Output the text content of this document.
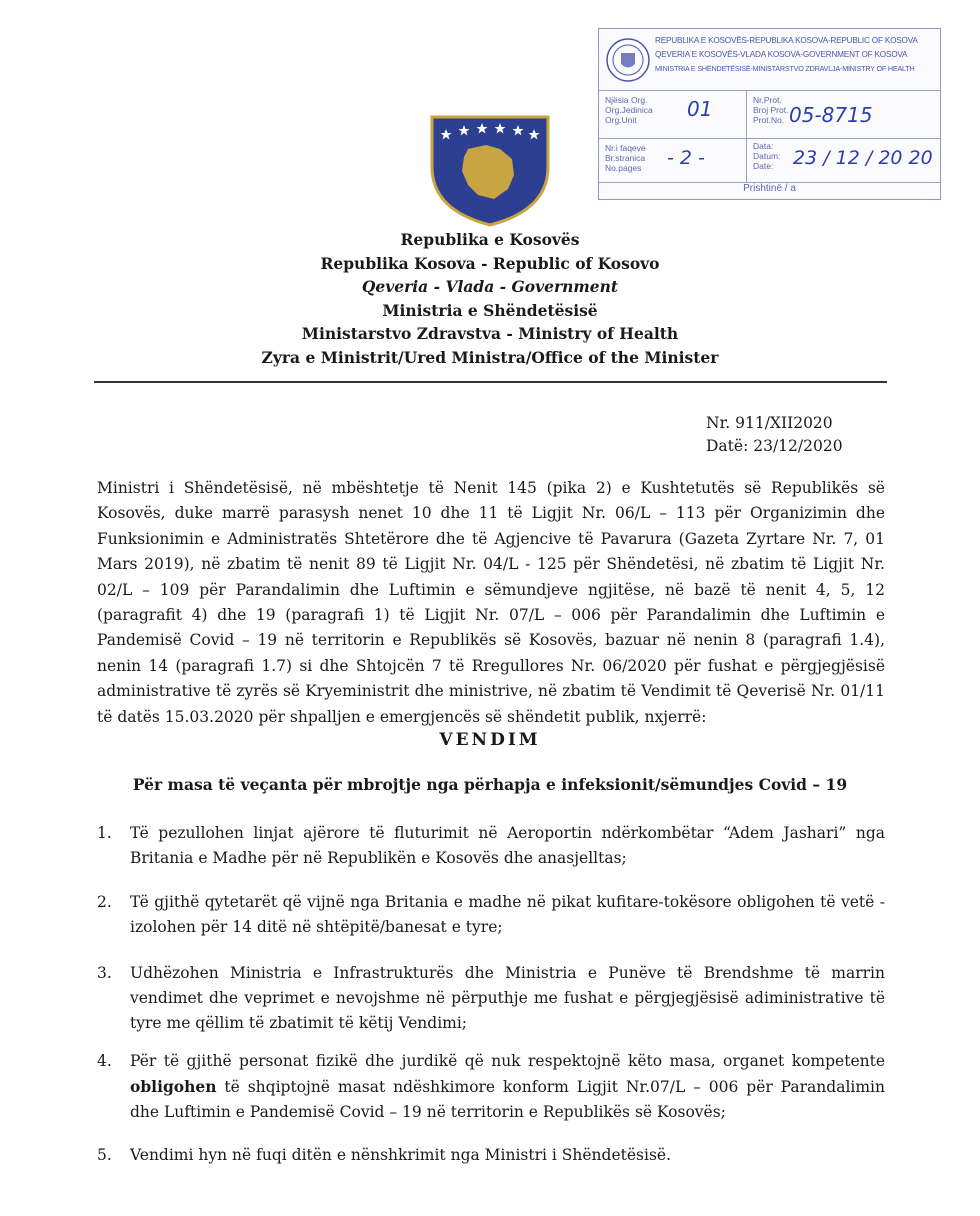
REPUBLIKA E KOSOVËS-REPUBLIKA KOSOVA-REPUBLIC OF KOSOVA
QEVERIA E KOSOVËS-VLADA KOSOVA-GOVERNMENT OF KOSOVA
MINISTRIA E SHËNDETËSISË-MINISTARSTVO ZDRAVLJA-MINISTRY OF HEALTH
Njësia Org.
Org.Jedinica
Org.Unit	01	Nr.Prot.
Broj Prot.
Prot.No. 05-8715
Nr.i faqeve
Br.stranica
No.pages - 2 -
Data:
Datum:
Date: 23 / 12 / 20 20
Prishtinë / a
Republika e Kosovës
Republika Kosova - Republic of Kosovo
Qeveria - Vlada - Government
Ministria e Shëndetësisë
Ministarstvo Zdravstva - Ministry of Health
Zyra e Ministrit/Ured Ministra/Office of the Minister
Nr. 911/XII2020
Datë: 23/12/2020
Ministri i Shëndetësisë, në mbështetje të Nenit 145 (pika 2) e Kushtetutës së Republikës së Kosovës, duke marrë parasysh nenet 10 dhe 11 të Ligjit Nr. 06/L – 113 për Organizimin dhe Funksionimin e Administratës Shtetërore dhe të Agjencive të Pavarura (Gazeta Zyrtare Nr. 7, 01 Mars 2019), në zbatim të nenit 89 të Ligjit Nr. 04/L - 125 për Shëndetësi, në zbatim të Ligjit Nr. 02/L – 109 për Parandalimin dhe Luftimin e sëmundjeve ngjitëse, në bazë të nenit 4, 5, 12 (paragrafit 4) dhe 19 (paragrafi 1) të Ligjit Nr. 07/L – 006 për Parandalimin dhe Luftimin e Pandemisë Covid – 19 në territorin e Republikës së Kosovës, bazuar në nenin 8 (paragrafi 1.4), nenin 14 (paragrafi 1.7) si dhe Shtojcën 7 të Rregullores Nr. 06/2020 për fushat e përgjegjësisë administrative të zyrës së Kryeministrit dhe ministrive, në zbatim të Vendimit të Qeverisë Nr. 01/11 të datës 15.03.2020 për shpalljen e emergjencës së shëndetit publik, nxjerrë:
VENDIM
Për masa të veçanta për mbrojtje nga përhapja e infeksionit/sëmundjes Covid – 19
1. Të pezullohen linjat ajërore të fluturimit në Aeroportin ndërkombëtar “Adem Jashari” nga Britania e Madhe për në Republikën e Kosovës dhe anasjelltas;
2. Të gjithë qytetarët që vijnë nga Britania e madhe në pikat kufitare-tokësore obligohen të vetë - izolohen për 14 ditë në shtëpitë/banesat e tyre;
3. Udhëzohen Ministria e Infrastrukturës dhe Ministria e Punëve të Brendshme të marrin vendimet dhe veprimet e nevojshme në përputhje me fushat e përgjegjësisë adiministrative të tyre me qëllim të zbatimit të këtij Vendimi;
4. Për të gjithë personat fizikë dhe jurdikë që nuk respektojnë këto masa, organet kompetente obligohen të shqiptojnë masat ndëshkimore konform Ligjit Nr.07/L – 006 për Parandalimin dhe Luftimin e Pandemisë Covid – 19 në territorin e Republikës së Kosovës;
5. Vendimi hyn në fuqi ditën e nënshkrimit nga Ministri i Shëndetësisë.
